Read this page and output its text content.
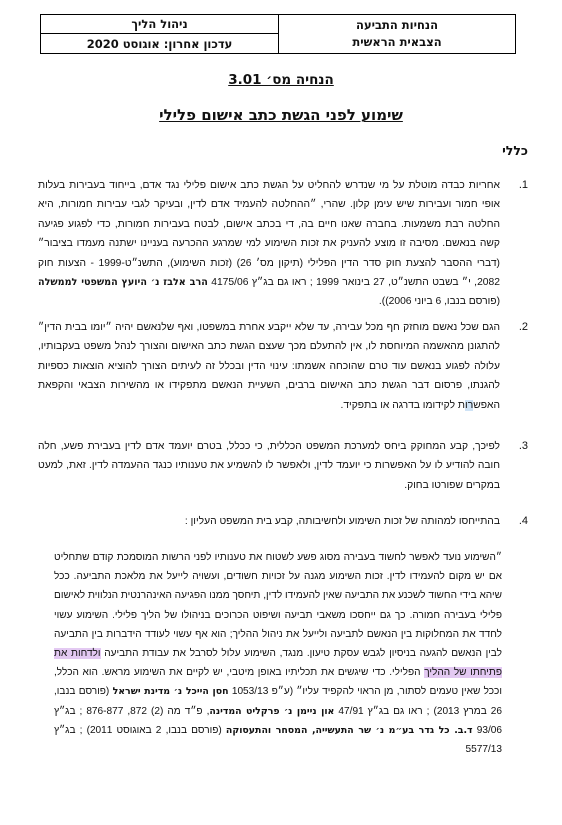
הנחיות התביעה
הצבאית הראשית
ניהול הליך
עדכון אחרון: אוגוסט 2020
הנחיה מס׳ 3.01
שימוע לפני הגשת כתב אישום פלילי
כללי
1.
אחריות כבדה מוטלת על מי שנדרש להחליט על הגשת כתב אישום פלילי נגד אדם, בייחוד בעבירות בעלות אופי חמור ועבירות שיש עימן קלון. שהרי, ״ההחלטה להעמיד אדם לדין, ובעיקר לגבי עבירות חמורות, היא החלטה רבת משמעות. בחברה שאנו חיים בה, די בכתב אישום, לבטח בעבירות חמורות, כדי לפגוע פגיעה קשה בנאשם. מסיבה זו מוצע להעניק את זכות השימוע למי שמרגע ההכרעה בעניינו ישתנה מעמדו בציבור״ (דברי ההסבר להצעת חוק סדר הדין הפלילי (תיקון מס׳ 26) (זכות השימוע), התשנ״ט-1999 - הצעות חוק 2082, י״ בשבט התשנ״ט, 27 בינואר 1999 ; ראו גם בג״ץ 4175/06 הרב אלבז נ׳ היועץ המשפטי לממשלה (פורסם בנבו, 6 ביוני 2006)).
2.
הגם שכל נאשם מוחזק חף מכל עבירה, עד שלא ייקבע אחרת במשפטו, ואף שלנאשם יהיה ״יומו בבית הדין״ להתגונן מהאשמה המיוחסת לו, אין להתעלם מכך שעצם הגשת כתב האישום והצורך לנהל משפט בעקבותיו, עלולה לפגוע בנאשם עוד טרם שהוכחה אשמתו: עינוי הדין ובכלל זה לעיתים הצורך להוציא הוצאות כספיות להגנתו, פרסום דבר הגשת כתב האישום ברבים, השעיית הנאשם מתפקידו או מהשירות הצבאי והקפאת האפשרות לקידומו בדרגה או בתפקיד.
3.
לפיכך, קבע המחוקק ביחס למערכת המשפט הכללית, כי ככלל, בטרם יועמד אדם לדין בעבירת פשע, חלה חובה להודיע לו על האפשרות כי יועמד לדין, ולאפשר לו להשמיע את טענותיו כנגד ההעמדה לדין. זאת, למעט במקרים שפורטו בחוק.
4.
בהתייחסו למהותה של זכות השימוע ולחשיבותה, קבע בית המשפט העליון :
״השימוע נועד לאפשר לחשוד בעבירה מסוג פשע לשטוח את טענותיו לפני הרשות המוסמכת קודם שתחליט אם יש מקום להעמידו לדין. זכות השימוע מגנה על זכויות חשודים, ועשויה לייעל את מלאכת התביעה. ככל שיהא בידי החשוד לשכנע את התביעה שאין להעמידו לדין, תיחסך ממנו הפגיעה האינהרנטית הנלווית לאישום פלילי בעבירה חמורה. כך גם ייחסכו משאבי תביעה ושיפוט הכרוכים בניהולו של הליך פלילי. השימוע עשוי לחדד את המחלוקות בין הנאשם לתביעה ולייעל את ניהול ההליך; הוא אף עשוי לעודד הידברות בין התביעה לבין הנאשם להגעה בניסיון לגבש עסקת טיעון. מנגד, השימוע עלול לסרבל את עבודת התביעה ולדחות את פתיחתו של ההליך הפלילי. כדי שיגשים את תכליתיו באופן מיטבי, יש לקיים את השימוע מראש. הוא הכלל, וככל שאין טעמים לסתור, מן הראוי להקפיד עליו״ (ע״פ 1053/13 חסן הייכל נ׳ מדינת ישראל (פורסם בנבו, 26 במרץ 2013) ; ראו גם בג״ץ 47/91 און ניימן נ׳ פרקליט המדינה, פ״ד מה (2) 872, 876-877 ; בג״ץ 93/06 ד.ב. כל גדר בע״מ נ׳ שר התעשייה, המסחר והתעסוקה (פורסם בנבו, 2 באוגוסט 2011) ; בג״ץ 5577/13
